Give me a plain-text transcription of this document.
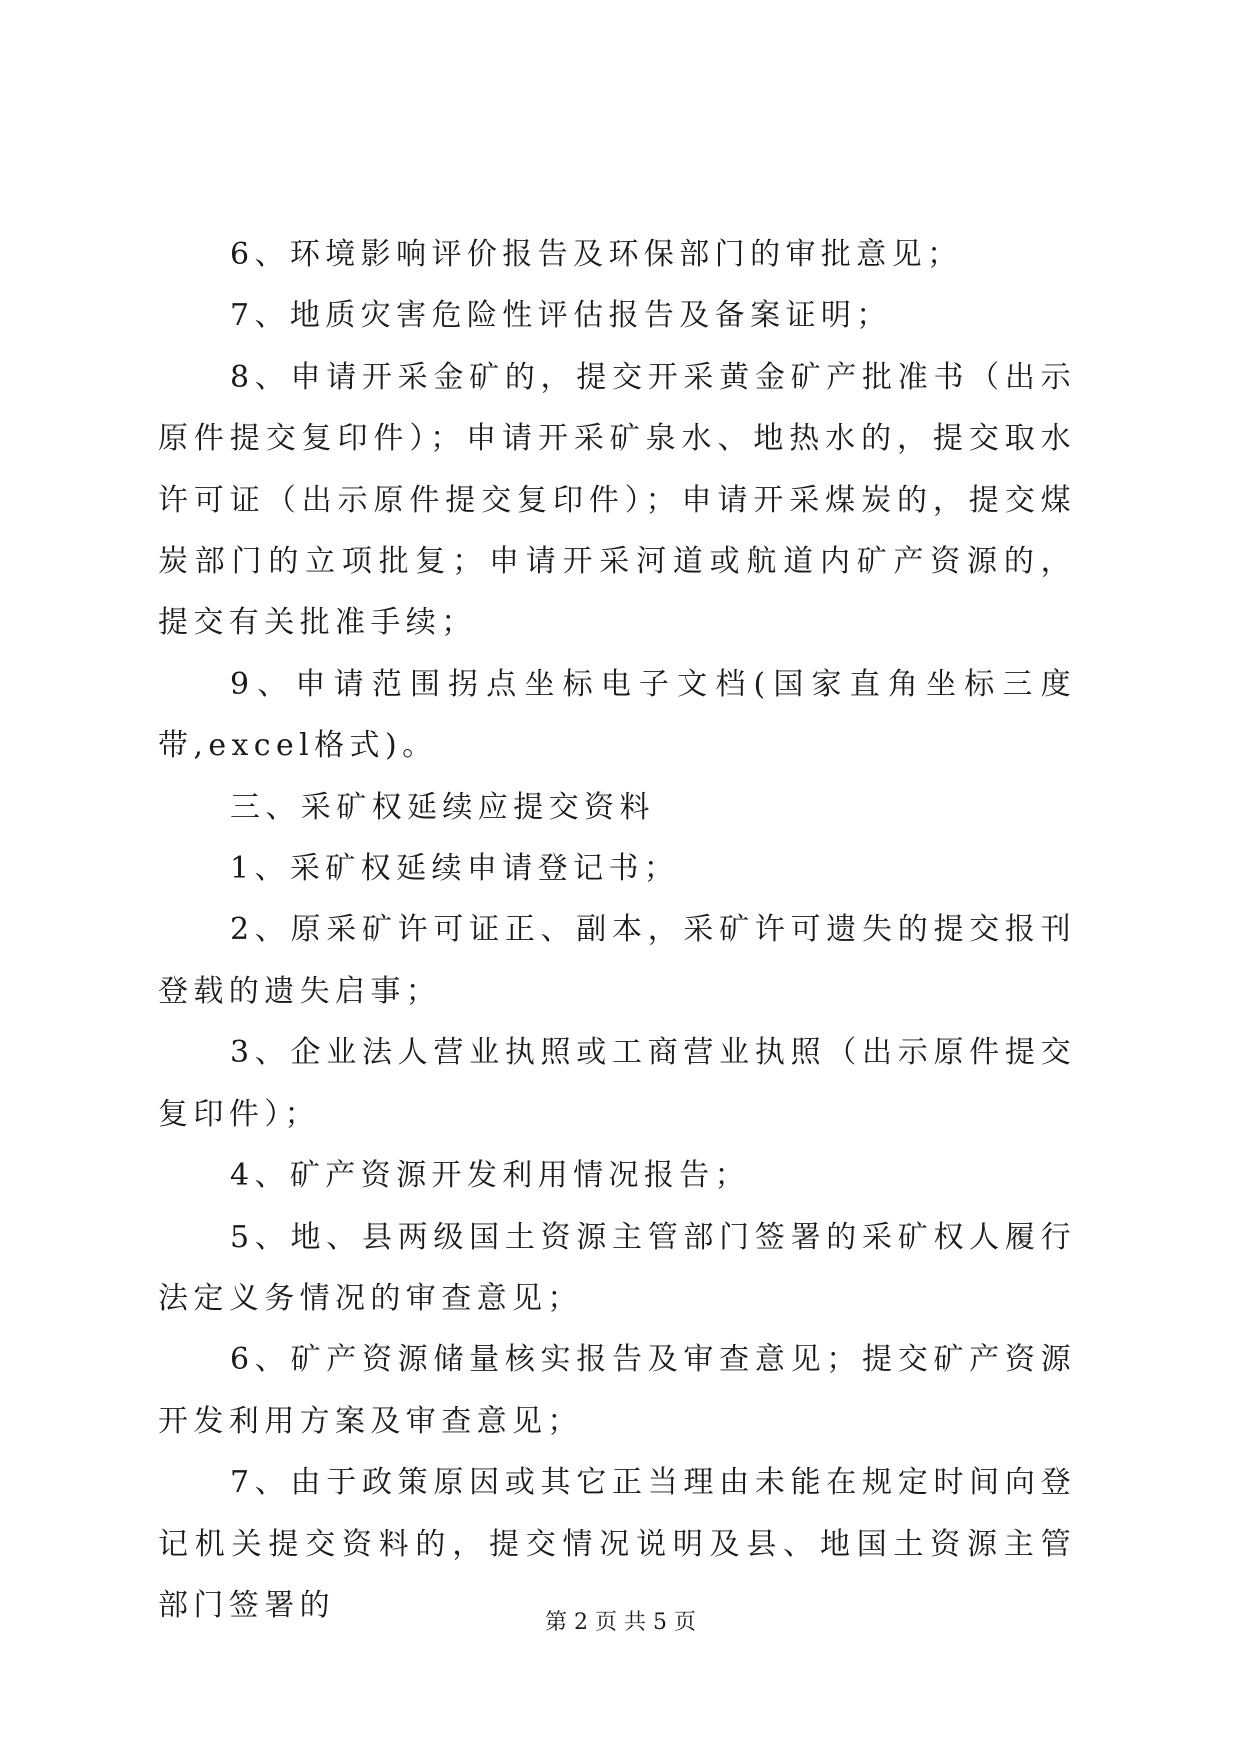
6、环境影响评价报告及环保部门的审批意见；

7、地质灾害危险性评估报告及备案证明；

8、申请开采金矿的，提交开采黄金矿产批准书（出示原件提交复印件）；申请开采矿泉水、地热水的，提交取水许可证（出示原件提交复印件）；申请开采煤炭的，提交煤炭部门的立项批复；申请开采河道或航道内矿产资源的，提交有关批准手续；

9、申请范围拐点坐标电子文档(国家直角坐标三度带,excel格式)。

三、采矿权延续应提交资料

1、采矿权延续申请登记书；

2、原采矿许可证正、副本，采矿许可遗失的提交报刊登载的遗失启事；

3、企业法人营业执照或工商营业执照（出示原件提交复印件）；

4、矿产资源开发利用情况报告；

5、地、县两级国土资源主管部门签署的采矿权人履行法定义务情况的审查意见；

6、矿产资源储量核实报告及审查意见；提交矿产资源开发利用方案及审查意见；

7、由于政策原因或其它正当理由未能在规定时间向登记机关提交资料的，提交情况说明及县、地国土资源主管部门签署的	第 2 页 共 5 页
